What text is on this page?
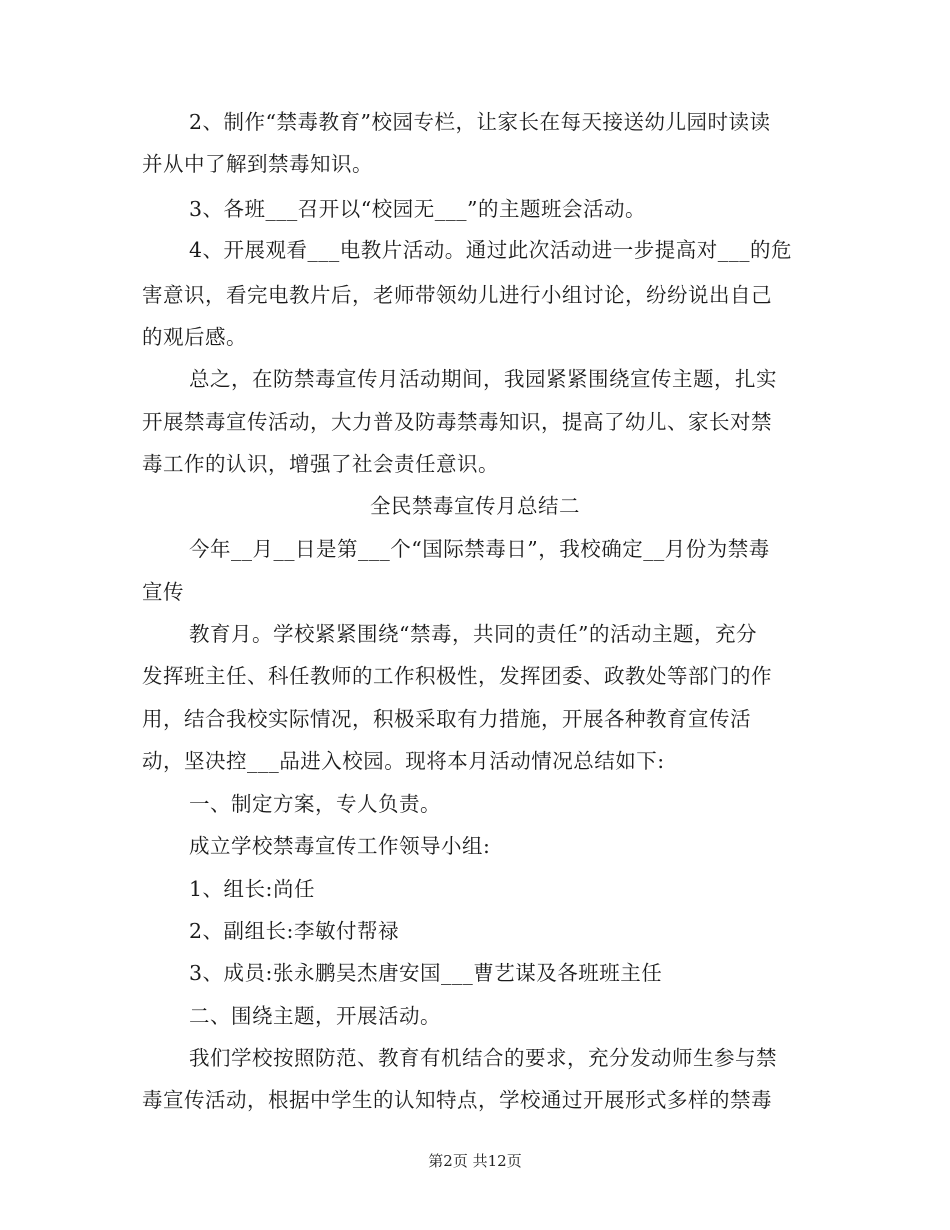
2、制作“禁毒教育”校园专栏，让家长在每天接送幼儿园时读读
并从中了解到禁毒知识。
3、各班___召开以“校园无___”的主题班会活动。
4、开展观看___电教片活动。通过此次活动进一步提高对___的危
害意识，看完电教片后，老师带领幼儿进行小组讨论，纷纷说出自己
的观后感。
总之，在防禁毒宣传月活动期间，我园紧紧围绕宣传主题，扎实
开展禁毒宣传活动，大力普及防毒禁毒知识，提高了幼儿、家长对禁
毒工作的认识，增强了社会责任意识。
全民禁毒宣传月总结二
今年__月__日是第___个“国际禁毒日”，我校确定__月份为禁毒
宣传
教育月。学校紧紧围绕“禁毒，共同的责任”的活动主题，充分
发挥班主任、科任教师的工作积极性，发挥团委、政教处等部门的作
用，结合我校实际情况，积极采取有力措施，开展各种教育宣传活
动，坚决控___品进入校园。现将本月活动情况总结如下:
一、制定方案，专人负责。
成立学校禁毒宣传工作领导小组:
1、组长:尚任
2、副组长:李敏付帮禄
3、成员:张永鹏吴杰唐安国___曹艺谋及各班班主任
二、围绕主题，开展活动。
我们学校按照防范、教育有机结合的要求，充分发动师生参与禁
毒宣传活动，根据中学生的认知特点，学校通过开展形式多样的禁毒
第2页 共12页
